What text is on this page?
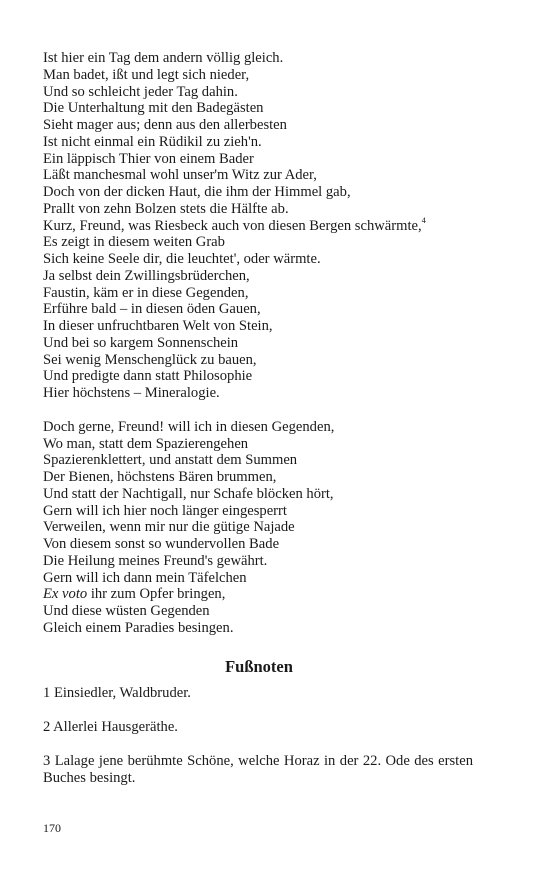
Ist hier ein Tag dem andern völlig gleich.
Man badet, ißt und legt sich nieder,
Und so schleicht jeder Tag dahin.
Die Unterhaltung mit den Badegästen
Sieht mager aus; denn aus den allerbesten
Ist nicht einmal ein Rüdikil zu zieh'n.
Ein läppisch Thier von einem Bader
Läßt manchesmal wohl unser'm Witz zur Ader,
Doch von der dicken Haut, die ihm der Himmel gab,
Prallt von zehn Bolzen stets die Hälfte ab.
Kurz, Freund, was Riesbeck auch von diesen Bergen schwärmte,$^4$
Es zeigt in diesem weiten Grab
Sich keine Seele dir, die leuchtet', oder wärmte.
Ja selbst dein Zwillingsbrüderchen,
Faustin, käm er in diese Gegenden,
Erführe bald – in diesen öden Gauen,
In dieser unfruchtbaren Welt von Stein,
Und bei so kargem Sonnenschein
Sei wenig Menschenglück zu bauen,
Und predigte dann statt Philosophie
Hier höchstens – Mineralogie.
Doch gerne, Freund! will ich in diesen Gegenden,
Wo man, statt dem Spazierengehen
Spazierenklettert, und anstatt dem Summen
Der Bienen, höchstens Bären brummen,
Und statt der Nachtigall, nur Schafe blöcken hört,
Gern will ich hier noch länger eingesperrt
Verweilen, wenn mir nur die gütige Najade
Von diesem sonst so wundervollen Bade
Die Heilung meines Freund's gewährt.
Gern will ich dann mein Täfelchen
Ex voto ihr zum Opfer bringen,
Und diese wüsten Gegenden
Gleich einem Paradies besingen.
Fußnoten

1 Einsiedler, Waldbruder.

2 Allerlei Hausgeräthe.

3 Lalage jene berühmte Schöne, welche Horaz in der 22. Ode des ersten Buches besingt.

170
